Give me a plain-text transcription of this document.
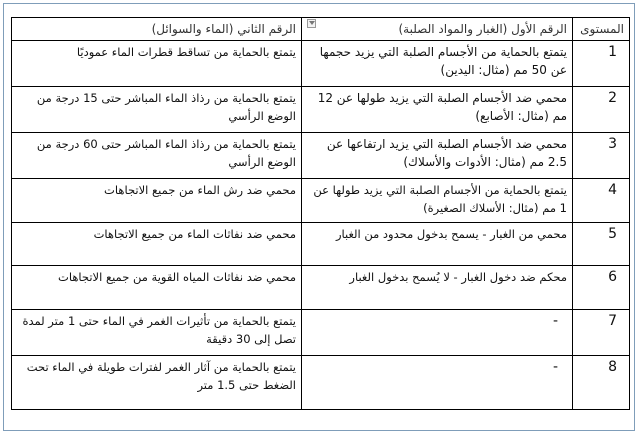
المستوى	الرقم الأول (الغبار والمواد الصلبة)	الرقم الثاني (الماء والسوائل)
1	يتمتع بالحماية من الأجسام الصلبة التي يزيد حجمها عن 50 مم (مثال: اليدين)	يتمتع بالحماية من تساقط قطرات الماء عموديًا
2	محمي ضد الأجسام الصلبة التي يزيد طولها عن 12 مم (مثال: الأصابع)	يتمتع بالحماية من رذاذ الماء المباشر حتى 15 درجة من الوضع الرأسي
3	محمي ضد الأجسام الصلبة التي يزيد ارتفاعها عن 2.5 مم (مثال: الأدوات والأسلاك)	يتمتع بالحماية من رذاذ الماء المباشر حتى 60 درجة من الوضع الرأسي
4	يتمتع بالحماية من الأجسام الصلبة التي يزيد طولها عن 1 مم (مثال: الأسلاك الصغيرة)	محمي ضد رش الماء من جميع الاتجاهات
5	محمي من الغبار - يسمح بدخول محدود من الغبار	محمي ضد نفاثات الماء من جميع الاتجاهات
6	محكم ضد دخول الغبار - لا يُسمح بدخول الغبار	محمي ضد نفاثات المياه القوية من جميع الاتجاهات
7	-	يتمتع بالحماية من تأثيرات الغمر في الماء حتى 1 متر لمدة تصل إلى 30 دقيقة
8	-	يتمتع بالحماية من آثار الغمر لفترات طويلة في الماء تحت الضغط حتى 1.5 متر
